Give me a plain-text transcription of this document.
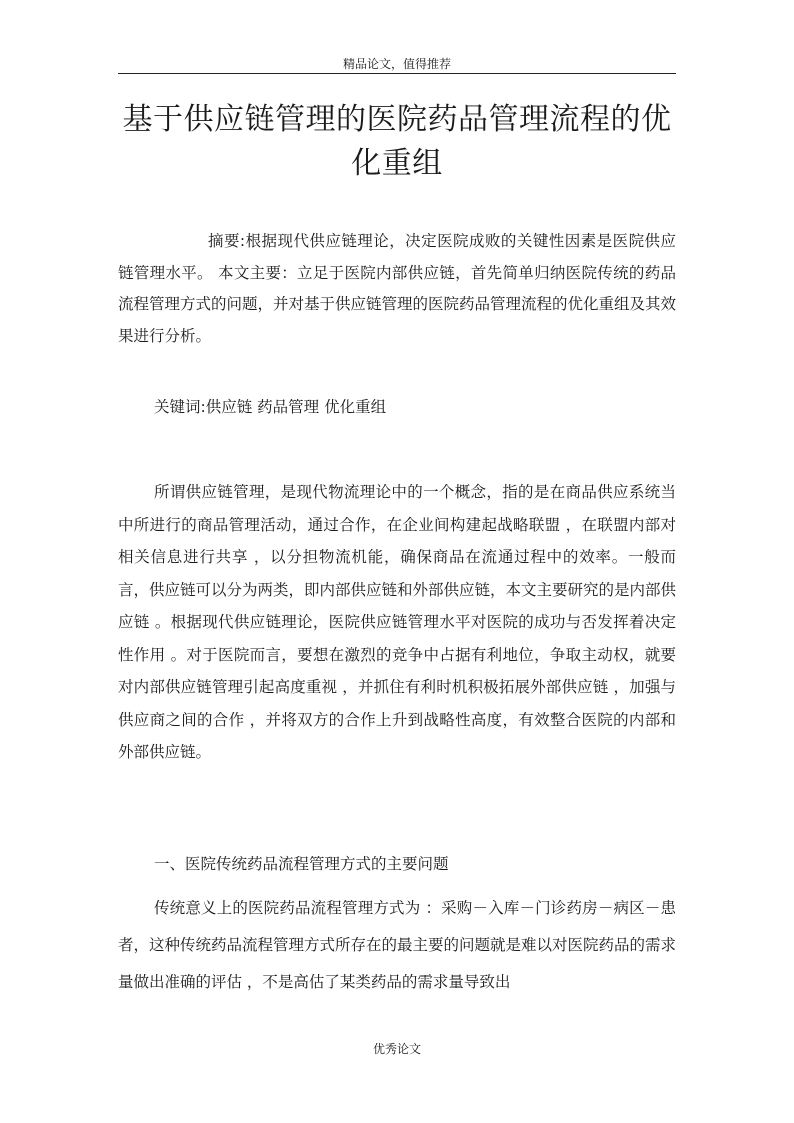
精品论文，值得推荐
基于供应链管理的医院药品管理流程的优化重组

摘要:根据现代供应链理论，决定医院成败的关键性因素是医院供应链管理水平。 本文主要：立足于医院内部供应链，首先简单归纳医院传统的药品流程管理方式的问题，并对基于供应链管理的医院药品管理流程的优化重组及其效果进行分析。

关键词:供应链 药品管理 优化重组

所谓供应链管理，是现代物流理论中的一个概念，指的是在商品供应系统当中所进行的商品管理活动，通过合作，在企业间构建起战略联盟 ，在联盟内部对相关信息进行共享 ，以分担物流机能，确保商品在流通过程中的效率。一般而言，供应链可以分为两类，即内部供应链和外部供应链，本文主要研究的是内部供应链 。根据现代供应链理论，医院供应链管理水平对医院的成功与否发挥着决定性作用 。对于医院而言，要想在激烈的竞争中占据有利地位，争取主动权，就要对内部供应链管理引起高度重视 ，并抓住有利时机积极拓展外部供应链 ，加强与供应商之间的合作 ，并将双方的合作上升到战略性高度，有效整合医院的内部和外部供应链。

一、医院传统药品流程管理方式的主要问题

传统意义上的医院药品流程管理方式为 ：采购－入库－门诊药房－病区－患者，这种传统药品流程管理方式所存在的最主要的问题就是难以对医院药品的需求量做出准确的评估 ，不是高估了某类药品的需求量导致出

优秀论文
